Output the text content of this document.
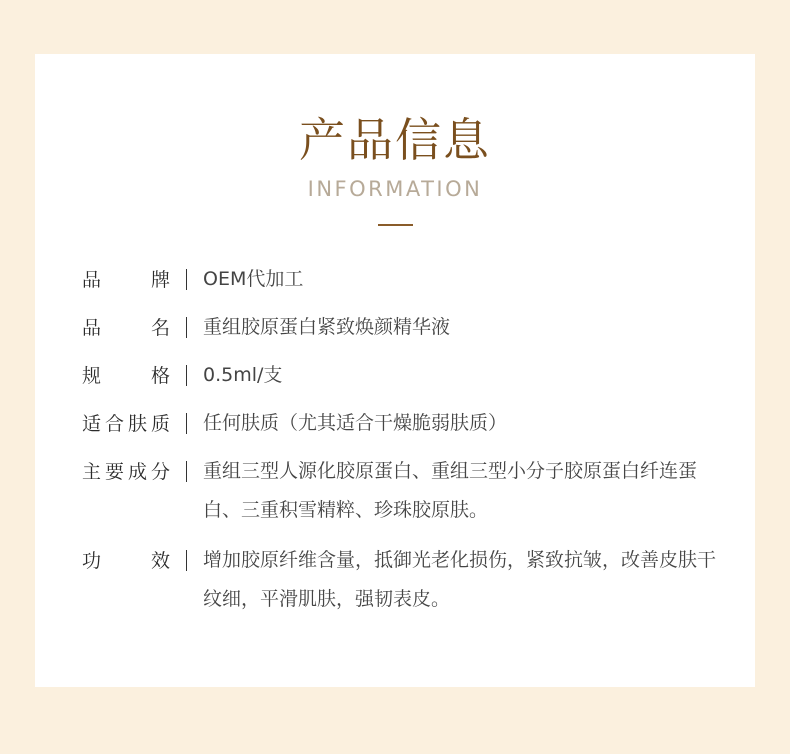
产品信息
INFORMATION
品牌 OEM代加工
品名 重组胶原蛋白紧致焕颜精华液
规格 0.5ml/支
适合肤质 任何肤质（尤其适合干燥脆弱肤质）
主要成分 重组三型人源化胶原蛋白、重组三型小分子胶原蛋白纤连蛋白、三重积雪精粹、珍珠胶原肤。
功效 增加胶原纤维含量，抵御光老化损伤，紧致抗皱，改善皮肤干纹细，平滑肌肤，强韧表皮。
